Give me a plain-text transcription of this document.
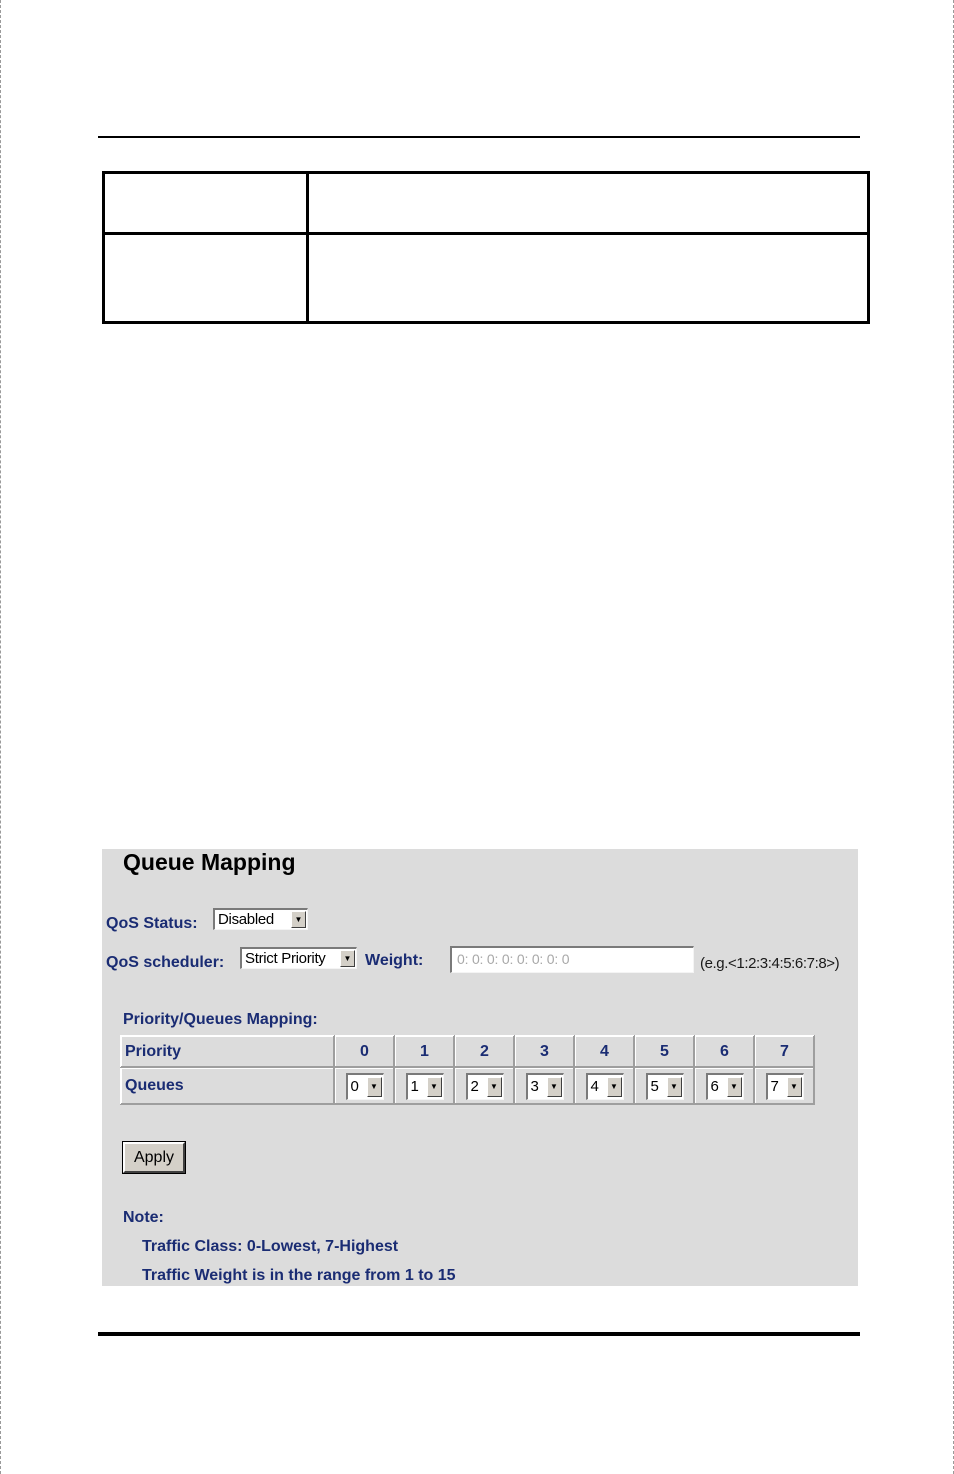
Queue Mapping
QoS Status: Disabled	▼
QoS scheduler: Strict Priority	▼ Weight:	0: 0: 0: 0: 0: 0: 0: 0	(e.g.<1:2:3:4:5:6:7:8>)
Priority/Queues Mapping:
Priority	0	1	2	3	4	5	6	7
Queues	0 ▼	1 ▼	2 ▼	3 ▼	4 ▼	5 ▼	6 ▼	7 ▼
Apply
Note:
Traffic Class: 0-Lowest, 7-Highest
Traffic Weight is in the range from 1 to 15
